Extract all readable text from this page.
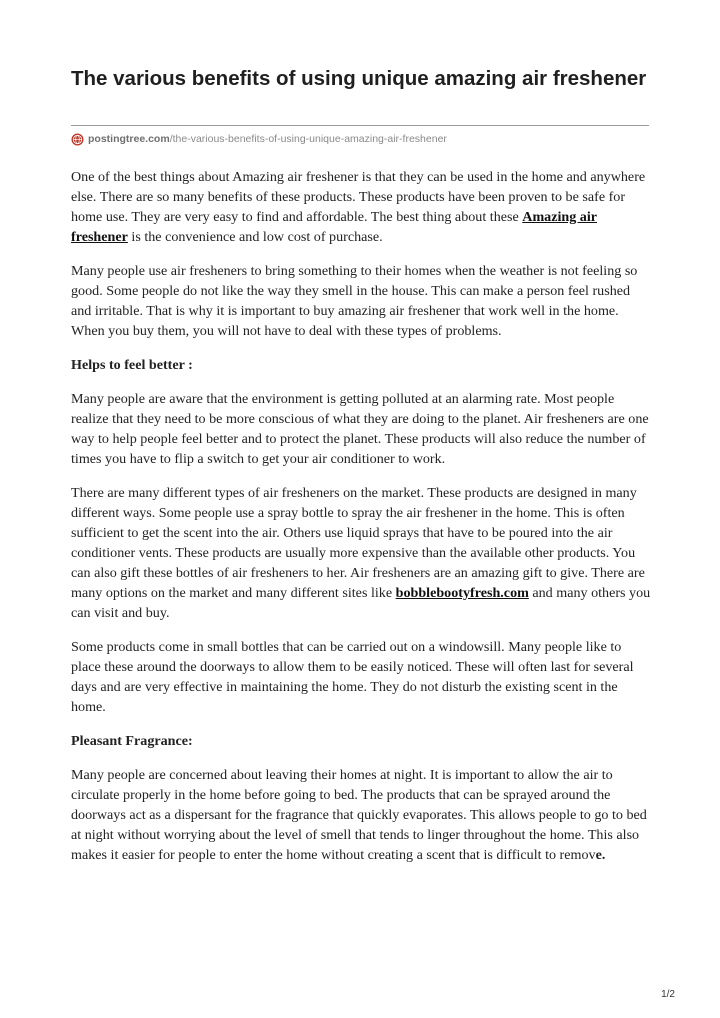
The various benefits of using unique amazing air freshener
postingtree.com /the-various-benefits-of-using-unique-amazing-air-freshener

One of the best things about Amazing air freshener is that they can be used in the home and anywhere else. There are so many benefits of these products. These products have been proven to be safe for home use. They are very easy to find and affordable. The best thing about these Amazing air freshener is the convenience and low cost of purchase.

Many people use air fresheners to bring something to their homes when the weather is not feeling so good. Some people do not like the way they smell in the house. This can make a person feel rushed and irritable. That is why it is important to buy amazing air freshener that work well in the home. When you buy them, you will not have to deal with these types of problems.

Helps to feel better :

Many people are aware that the environment is getting polluted at an alarming rate. Most people realize that they need to be more conscious of what they are doing to the planet. Air fresheners are one way to help people feel better and to protect the planet. These products will also reduce the number of times you have to flip a switch to get your air conditioner to work.

There are many different types of air fresheners on the market. These products are designed in many different ways. Some people use a spray bottle to spray the air freshener in the home. This is often sufficient to get the scent into the air. Others use liquid sprays that have to be poured into the air conditioner vents. These products are usually more expensive than the available other products. You can also gift these bottles of air fresheners to her. Air fresheners are an amazing gift to give. There are many options on the market and many different sites like bobblebootyfresh.com and many others you can visit and buy.

Some products come in small bottles that can be carried out on a windowsill. Many people like to place these around the doorways to allow them to be easily noticed. These will often last for several days and are very effective in maintaining the home. They do not disturb the existing scent in the home.

Pleasant Fragrance:

Many people are concerned about leaving their homes at night. It is important to allow the air to circulate properly in the home before going to bed. The products that can be sprayed around the doorways act as a dispersant for the fragrance that quickly evaporates. This allows people to go to bed at night without worrying about the level of smell that tends to linger throughout the home. This also makes it easier for people to enter the home without creating a scent that is difficult to remove.

1/2
